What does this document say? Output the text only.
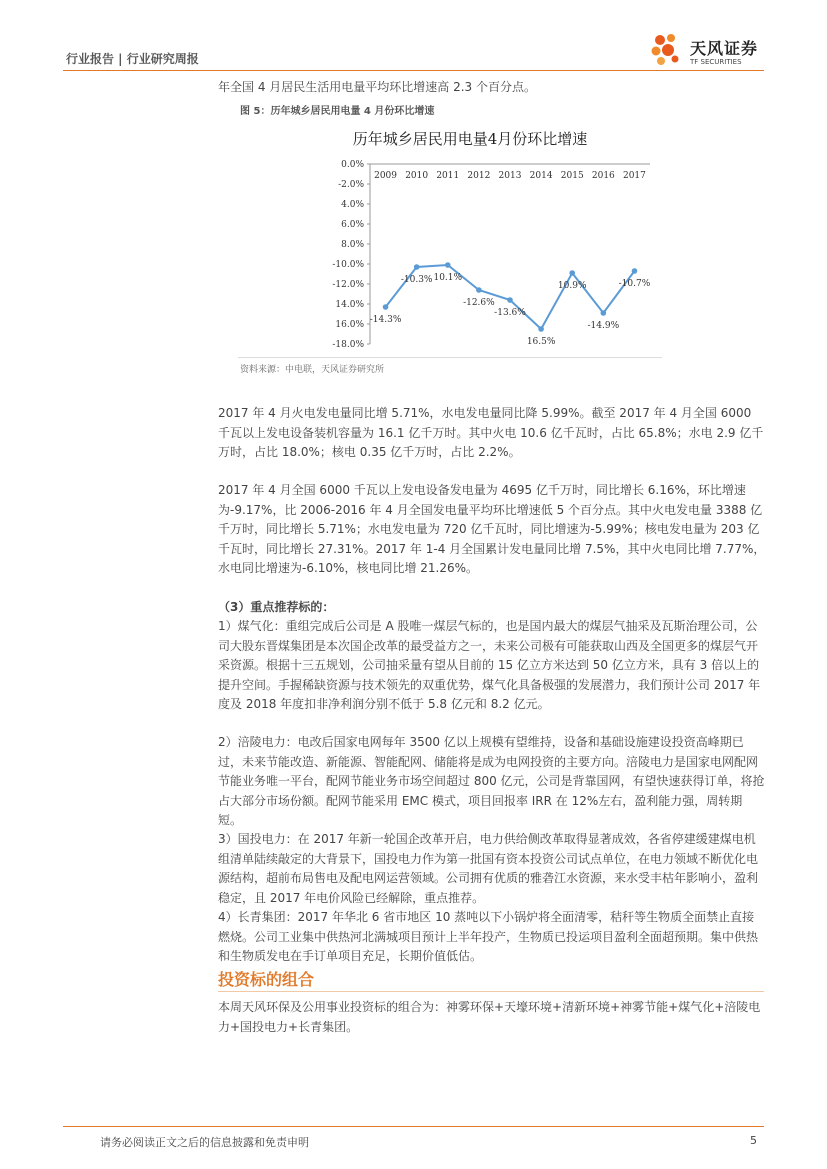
行业报告 | 行业研究周报
天风证券
TF SECURITIES
年全国 4 月居民生活用电量平均环比增速高 2.3 个百分点。
图 5：历年城乡居民用电量 4 月份环比增速
历年城乡居民用电量4月份环比增速
0.0%
-2.0%
4.0%
6.0%
8.0%
-10.0%
-12.0%
14.0%
16.0%
-18.0%
2009 2010 2011 2012 2013 2014 2015 2016 2017
-14.3%
-10.3% 10.1%
-12.6%
-13.6%
16.5%
10.9%
-14.9%
-10.7%
资料来源：中电联，天风证券研究所
2017 年 4 月火电发电量同比增 5.71%，水电发电量同比降 5.99%。截至 2017 年 4 月全国 6000 千瓦以上发电设备装机容量为 16.1 亿千万时。其中火电 10.6 亿千瓦时，占比 65.8%；水电 2.9 亿千万时，占比 18.0%；核电 0.35 亿千万时，占比 2.2%。
2017 年 4 月全国 6000 千瓦以上发电设备发电量为 4695 亿千万时，同比增长 6.16%，环比增速为-9.17%，比 2006-2016 年 4 月全国发电量平均环比增速低 5 个百分点。其中火电发电量 3388 亿千万时，同比增长 5.71%；水电发电量为 720 亿千瓦时，同比增速为-5.99%；核电发电量为 203 亿千瓦时，同比增长 27.31%。2017 年 1-4 月全国累计发电量同比增 7.5%，其中火电同比增 7.77%，水电同比增速为-6.10%，核电同比增 21.26%。
（3）重点推荐标的：
1）煤气化：重组完成后公司是 A 股唯一煤层气标的，也是国内最大的煤层气抽采及瓦斯治理公司，公司大股东晋煤集团是本次国企改革的最受益方之一，未来公司极有可能获取山西及全国更多的煤层气开采资源。根据十三五规划，公司抽采量有望从目前的 15 亿立方米达到 50 亿立方米，具有 3 倍以上的提升空间。手握稀缺资源与技术领先的双重优势，煤气化具备极强的发展潜力，我们预计公司 2017 年度及 2018 年度扣非净利润分别不低于 5.8 亿元和 8.2 亿元。
2）涪陵电力：电改后国家电网每年 3500 亿以上规模有望维持，设备和基础设施建设投资高峰期已过，未来节能改造、新能源、智能配网、储能将是成为电网投资的主要方向。涪陵电力是国家电网配网节能业务唯一平台，配网节能业务市场空间超过 800 亿元，公司是背靠国网，有望快速获得订单，将抢占大部分市场份额。配网节能采用 EMC 模式，项目回报率 IRR 在 12%左右，盈利能力强，周转期短。
3）国投电力：在 2017 年新一轮国企改革开启，电力供给侧改革取得显著成效，各省停建缓建煤电机组清单陆续敲定的大背景下，国投电力作为第一批国有资本投资公司试点单位，在电力领域不断优化电源结构，超前布局售电及配电网运营领域。公司拥有优质的雅砻江水资源，来水受丰枯年影响小，盈利稳定，且 2017 年电价风险已经解除，重点推荐。
4）长青集团：2017 年华北 6 省市地区 10 蒸吨以下小锅炉将全面清零，秸秆等生物质全面禁止直接燃烧。公司工业集中供热河北满城项目预计上半年投产，生物质已投运项目盈利全面超预期。集中供热和生物质发电在手订单项目充足，长期价值低估。
投资标的组合
本周天风环保及公用事业投资标的组合为：神雾环保+天壕环境+清新环境+神雾节能+煤气化+涪陵电力+国投电力+长青集团。
请务必阅读正文之后的信息披露和免责申明	5
